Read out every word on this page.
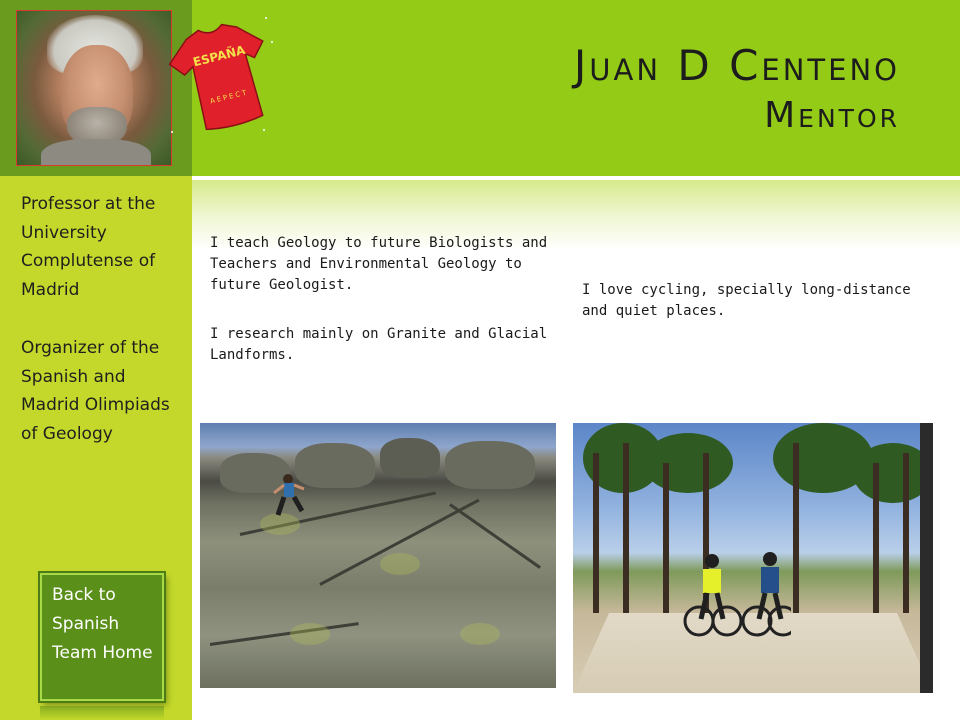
Professor at the University Complutense of Madrid
Organizer of the Spanish and Madrid Olimpiads of Geology
Back to Spanish Team Home
ESPAÑA
AEPECT
Juan D Centeno
Mentor
I teach Geology to future Biologists and Teachers and Environmental Geology to future Geologist.
I research mainly on Granite and Glacial Landforms.
I love cycling, specially long-distance and quiet places.
